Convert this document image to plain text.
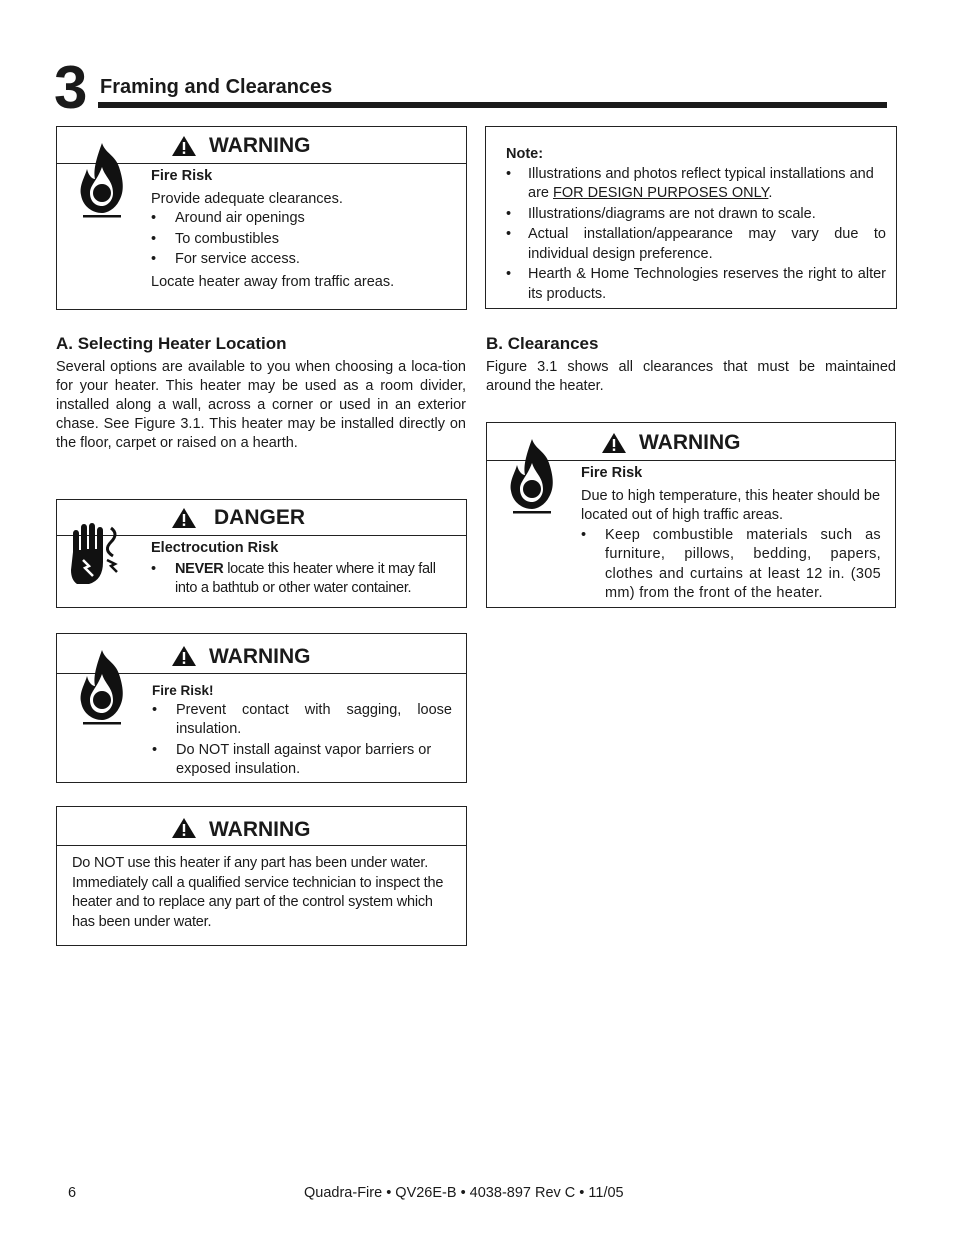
3 Framing and Clearances
WARNING
Fire Risk
Provide adequate clearances.
• Around air openings
• To combustibles
• For service access.
Locate heater away from traffic areas.
Note:
• Illustrations and photos reflect typical installations and are FOR DESIGN PURPOSES ONLY.
• Illustrations/diagrams are not drawn to scale.
• Actual installation/appearance may vary due to individual design preference.
• Hearth & Home Technologies reserves the right to alter its products.
A. Selecting Heater Location
Several options are available to you when choosing a loca-tion for your heater. This heater may be used as a room divider, installed along a wall, across a corner or used in an exterior chase. See Figure 3.1. This heater may be installed directly on the floor, carpet or raised on a hearth.
B. Clearances
Figure 3.1 shows all clearances that must be maintained around the heater.
DANGER
Electrocution Risk
• NEVER locate this heater where it may fall into a bathtub or other water container.
WARNING
Fire Risk!
• Prevent contact with sagging, loose insulation.
• Do NOT install against vapor barriers or exposed insulation.
WARNING
Do NOT use this heater if any part has been under water. Immediately call a qualified service technician to inspect the heater and to replace any part of the control system which has been under water.
WARNING
Fire Risk
Due to high temperature, this heater should be located out of high traffic areas.
• Keep combustible materials such as furniture, pillows, bedding, papers, clothes and curtains at least 12 in. (305 mm) from the front of the heater.
6	Quadra-Fire • QV26E-B • 4038-897 Rev C • 11/05
